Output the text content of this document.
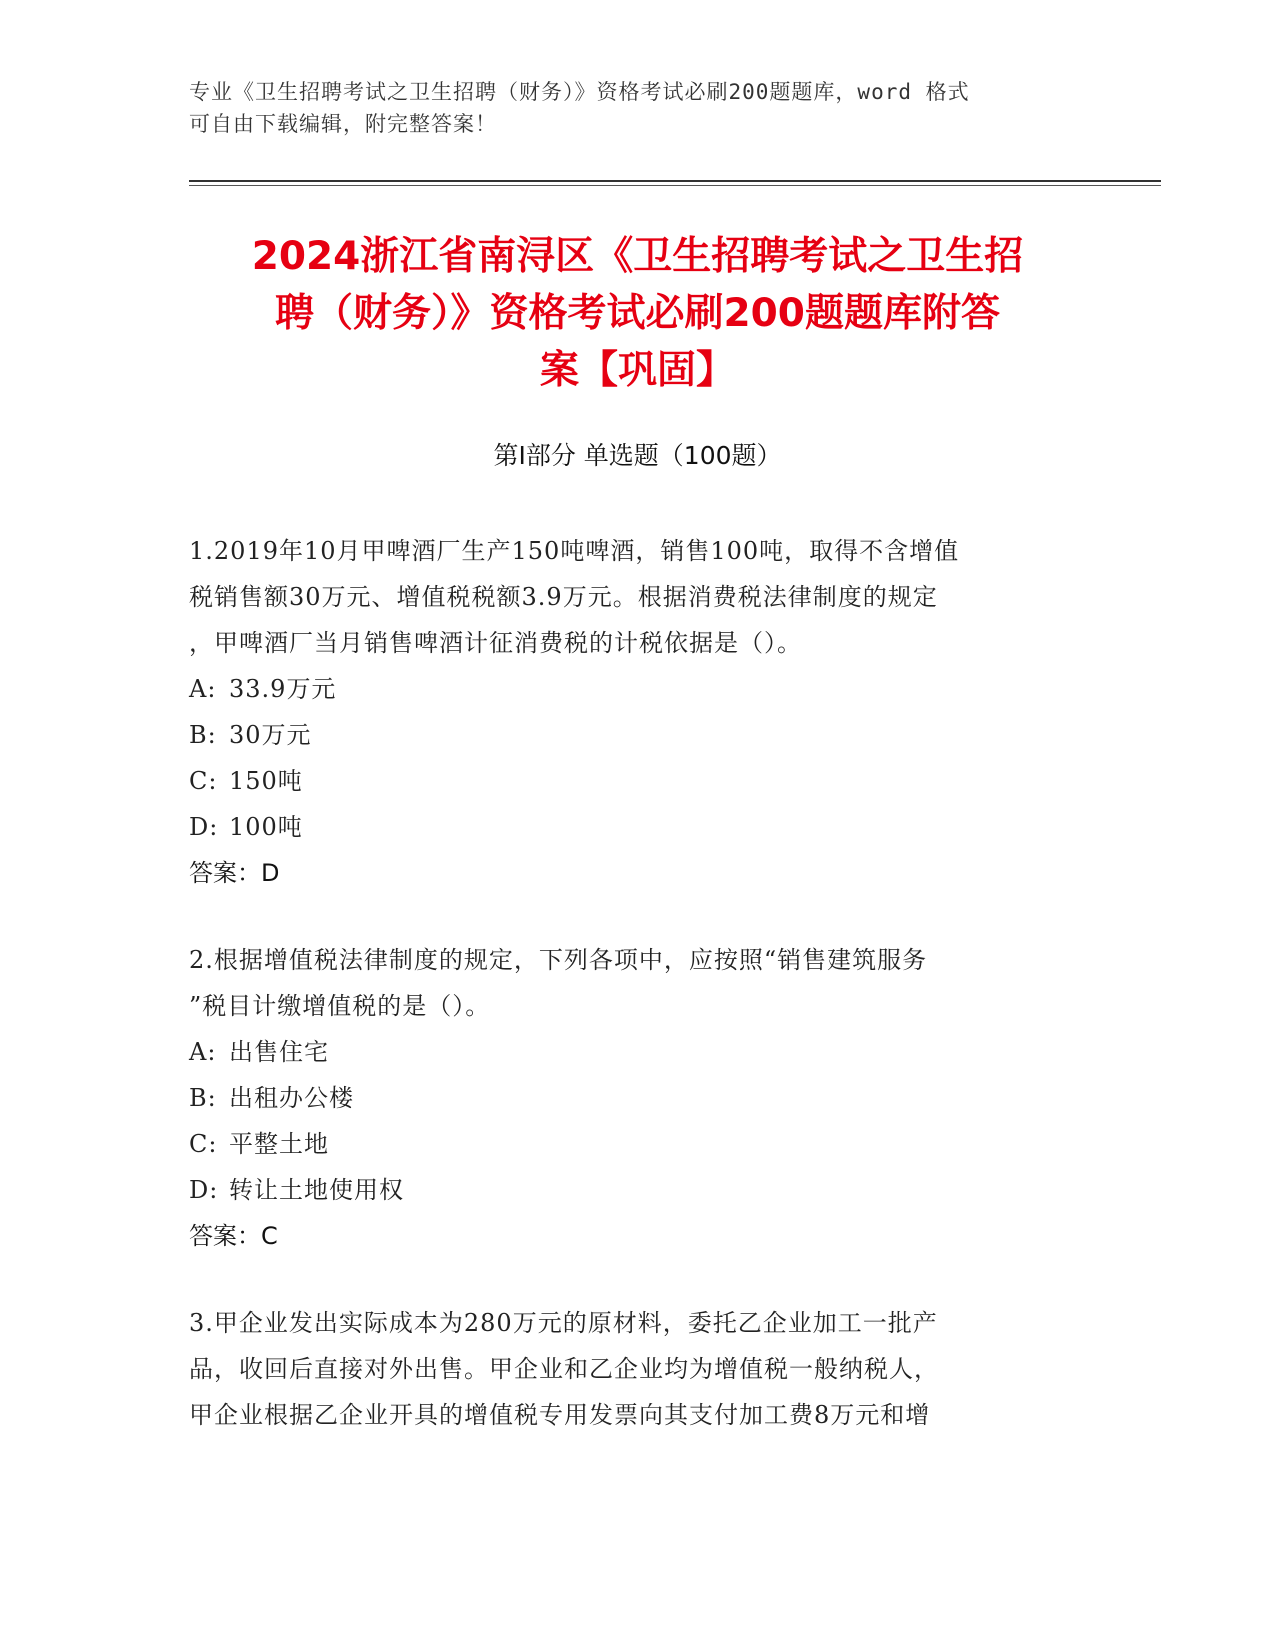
专业《卫生招聘考试之卫生招聘（财务）》资格考试必刷200题题库，word 格式
可自由下载编辑，附完整答案！
2024浙江省南浔区《卫生招聘考试之卫生招
聘（财务）》资格考试必刷200题题库附答
案【巩固】
第Ⅰ部分 单选题（100题）
1.2019年10月甲啤酒厂生产150吨啤酒，销售100吨，取得不含增值
税销售额30万元、增值税税额3.9万元。根据消费税法律制度的规定
，甲啤酒厂当月销售啤酒计征消费税的计税依据是（）。
A: 33.9万元
B: 30万元
C: 150吨
D: 100吨
答案：D
2.根据增值税法律制度的规定，下列各项中，应按照“销售建筑服务
”税目计缴增值税的是（）。
A: 出售住宅
B: 出租办公楼
C: 平整土地
D: 转让土地使用权
答案：C
3.甲企业发出实际成本为280万元的原材料，委托乙企业加工一批产
品，收回后直接对外出售。甲企业和乙企业均为增值税一般纳税人，
甲企业根据乙企业开具的增值税专用发票向其支付加工费8万元和增
